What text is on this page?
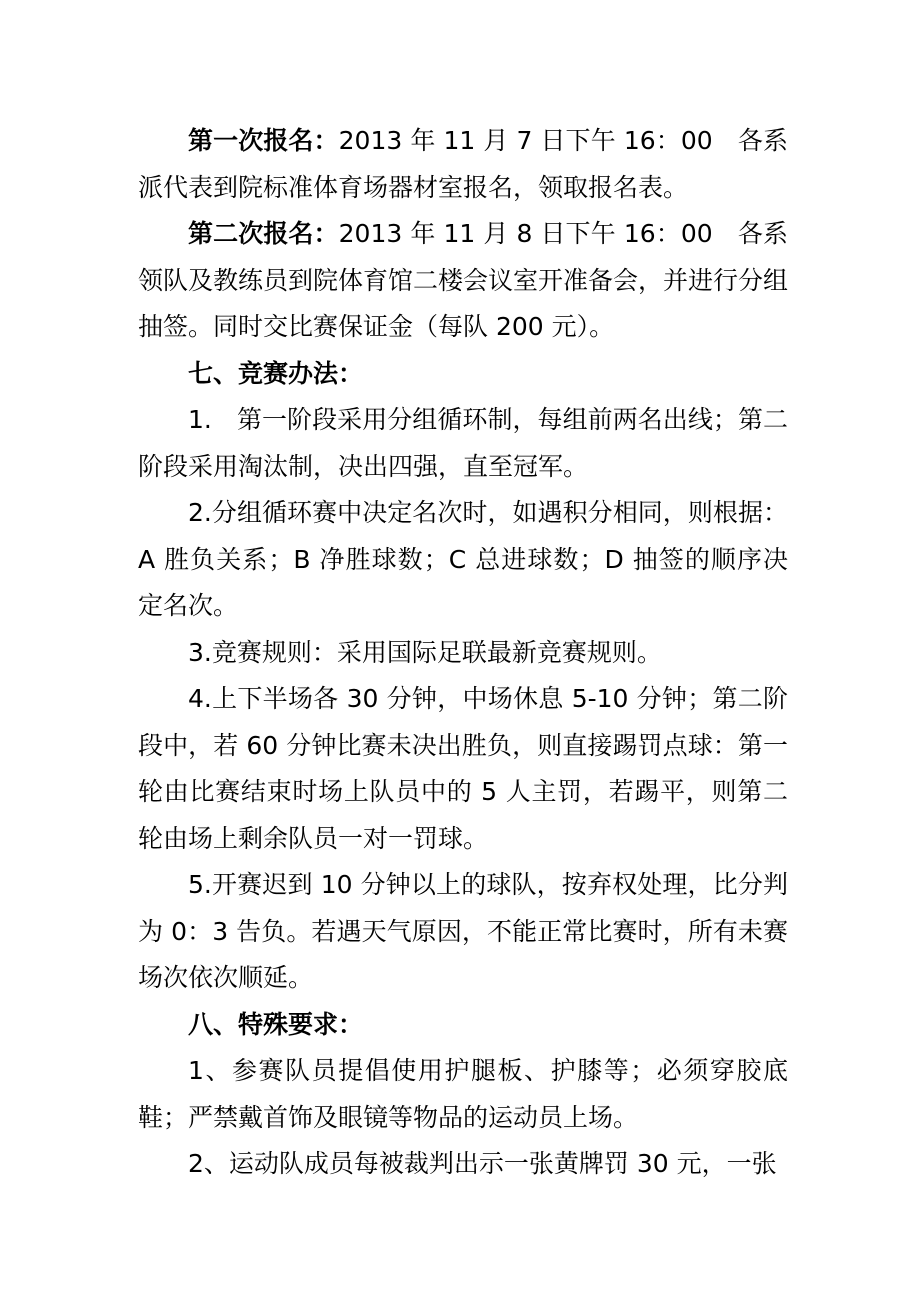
第一次报名：2013 年 11 月 7 日下午 16：00　各系派代表到院标准体育场器材室报名，领取报名表。

第二次报名：2013 年 11 月 8 日下午 16：00　各系领队及教练员到院体育馆二楼会议室开准备会，并进行分组抽签。同时交比赛保证金（每队 200 元）。

七、竞赛办法：

1.　第一阶段采用分组循环制，每组前两名出线；第二阶段采用淘汰制，决出四强，直至冠军。

2.分组循环赛中决定名次时，如遇积分相同，则根据：A 胜负关系；B 净胜球数；C 总进球数；D 抽签的顺序决定名次。

3.竞赛规则：采用国际足联最新竞赛规则。

4.上下半场各 30 分钟，中场休息 5-10 分钟；第二阶段中，若 60 分钟比赛未决出胜负，则直接踢罚点球：第一轮由比赛结束时场上队员中的 5 人主罚，若踢平，则第二轮由场上剩余队员一对一罚球。

5.开赛迟到 10 分钟以上的球队，按弃权处理，比分判为 0：3 告负。若遇天气原因，不能正常比赛时，所有未赛场次依次顺延。

八、特殊要求：

1、参赛队员提倡使用护腿板、护膝等；必须穿胶底鞋；严禁戴首饰及眼镜等物品的运动员上场。

2、运动队成员每被裁判出示一张黄牌罚 30 元，一张
